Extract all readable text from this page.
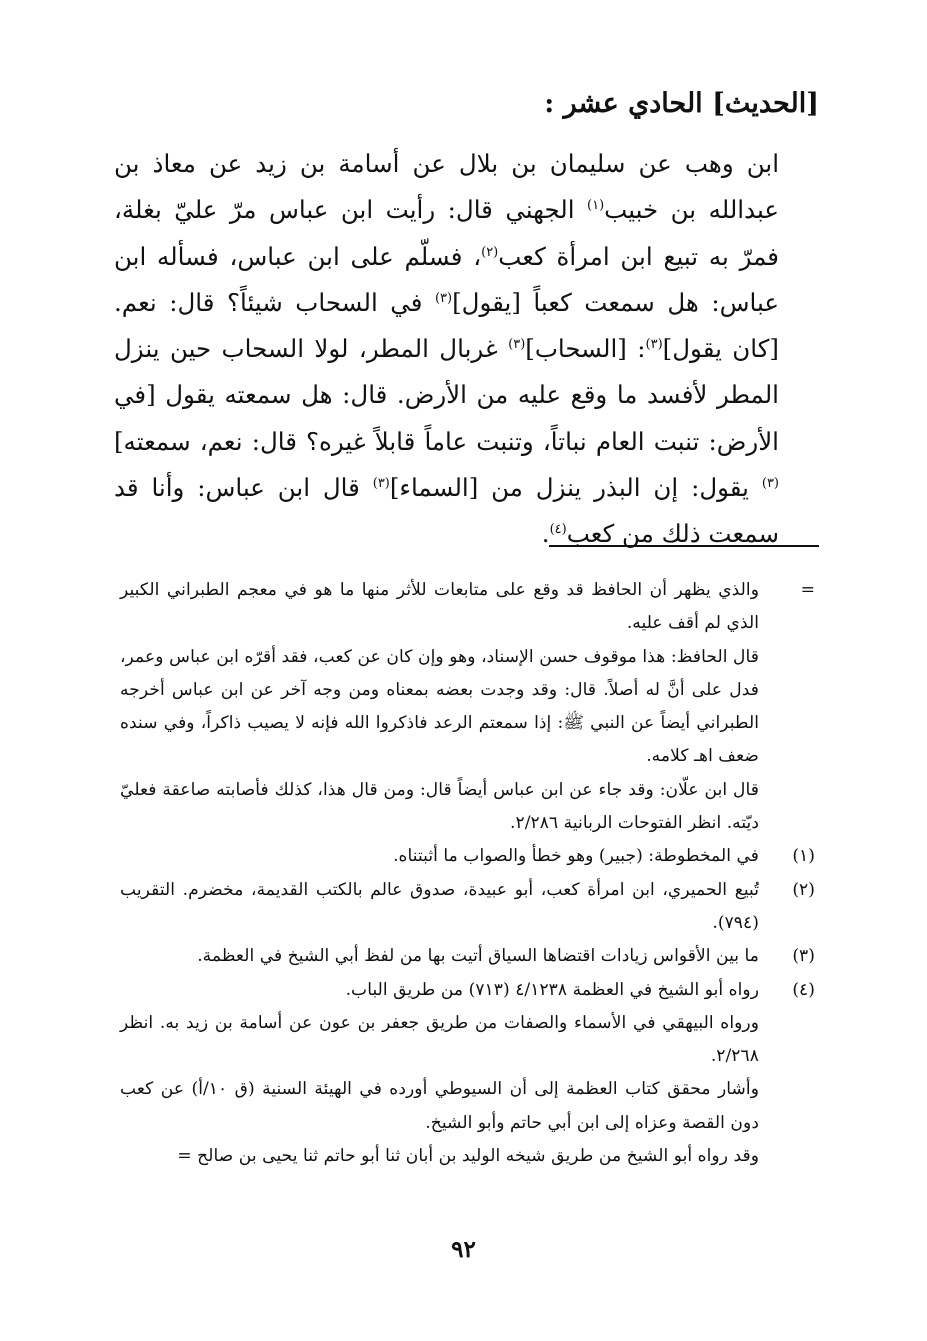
[الحديث] الحادي عشر :

ابن وهب عن سليمان بن بلال عن أسامة بن زيد عن معاذ بن عبدالله بن خبيب$^{(١)}$ الجهني قال: رأيت ابن عباس مرّ عليّ بغلة، فمرّ به تبيع ابن امرأة كعب$^{(٢)}$، فسلّم على ابن عباس، فسأله ابن عباس: هل سمعت كعباً [يقول]$^{(٣)}$ في السحاب شيئاً؟ قال: نعم. [كان يقول]$^{(٣)}$: [السحاب]$^{(٣)}$ غربال المطر، لولا السحاب حين ينزل المطر لأفسد ما وقع عليه من الأرض. قال: هل سمعته يقول [في الأرض: تنبت العام نباتاً، وتنبت عاماً قابلاً غيره؟ قال: نعم، سمعته]$^{(٣)}$ يقول: إن البذر ينزل من [السماء]$^{(٣)}$ قال ابن عباس: وأنا قد سمعت ذلك من كعب$^{(٤)}$.

=

والذي يظهر أن الحافظ قد وقع على متابعات للأثر منها ما هو في معجم الطبراني الكبير الذي لم أقف عليه.

قال الحافظ: هذا موقوف حسن الإسناد، وهو وإن كان عن كعب، فقد أقرّه ابن عباس وعمر، فدل على أنَّ له أصلاً. قال: وقد وجدت بعضه بمعناه ومن وجه آخر عن ابن عباس أخرجه الطبراني أيضاً عن النبي ﷺ: إذا سمعتم الرعد فاذكروا الله فإنه لا يصيب ذاكراً، وفي سنده ضعف اهـ كلامه.

قال ابن علّان: وقد جاء عن ابن عباس أيضاً قال: ومن قال هذا، كذلك فأصابته صاعقة فعليّ ديّته. انظر الفتوحات الربانية ٢/٢٨٦.

(١)

في المخطوطة: (جبير) وهو خطأ والصواب ما أثبتناه.

(٢)

تُبيع الحميري، ابن امرأة كعب، أبو عبيدة، صدوق عالم بالكتب القديمة، مخضرم. التقريب (٧٩٤).

(٣)

ما بين الأقواس زيادات اقتضاها السياق أتيت بها من لفظ أبي الشيخ في العظمة.

(٤)

رواه أبو الشيخ في العظمة ٤/١٢٣٨ (٧١٣) من طريق الباب.

ورواه البيهقي في الأسماء والصفات من طريق جعفر بن عون عن أسامة بن زيد به. انظر ٢/٢٦٨.

وأشار محقق كتاب العظمة إلى أن السيوطي أورده في الهيئة السنية (ق ١٠/أ) عن كعب دون القصة وعزاه إلى ابن أبي حاتم وأبو الشيخ.

وقد رواه أبو الشيخ من طريق شيخه الوليد بن أبان ثنا أبو حاتم ثنا يحيى بن صالح =

٩٢
